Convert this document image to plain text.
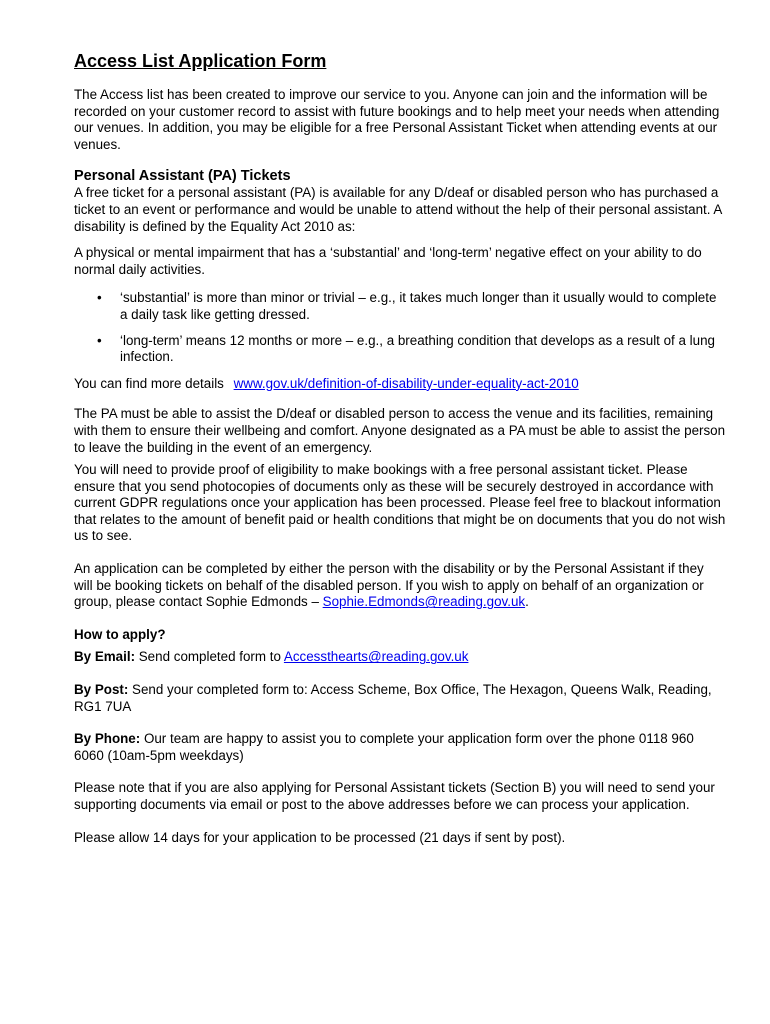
Access List Application Form

The Access list has been created to improve our service to you. Anyone can join and the information will be recorded on your customer record to assist with future bookings and to help meet your needs when attending our venues. In addition, you may be eligible for a free Personal Assistant Ticket when attending events at our venues.

Personal Assistant (PA) Tickets

A free ticket for a personal assistant (PA) is available for any D/deaf or disabled person who has purchased a ticket to an event or performance and would be unable to attend without the help of their personal assistant. A disability is defined by the Equality Act 2010 as:

A physical or mental impairment that has a ‘substantial’ and ‘long-term’ negative effect on your ability to do normal daily activities.

• ‘substantial’ is more than minor or trivial – e.g., it takes much longer than it usually would to complete a daily task like getting dressed.
• ‘long-term’ means 12 months or more – e.g., a breathing condition that develops as a result of a lung infection.

You can find more details www.gov.uk/definition-of-disability-under-equality-act-2010

The PA must be able to assist the D/deaf or disabled person to access the venue and its facilities, remaining with them to ensure their wellbeing and comfort. Anyone designated as a PA must be able to assist the person to leave the building in the event of an emergency.

You will need to provide proof of eligibility to make bookings with a free personal assistant ticket. Please ensure that you send photocopies of documents only as these will be securely destroyed in accordance with current GDPR regulations once your application has been processed. Please feel free to blackout information that relates to the amount of benefit paid or health conditions that might be on documents that you do not wish us to see.

An application can be completed by either the person with the disability or by the Personal Assistant if they will be booking tickets on behalf of the disabled person. If you wish to apply on behalf of an organization or group, please contact Sophie Edmonds – Sophie.Edmonds@reading.gov.uk.

How to apply?

By Email: Send completed form to Accessthearts@reading.gov.uk

By Post: Send your completed form to: Access Scheme, Box Office, The Hexagon, Queens Walk, Reading, RG1 7UA

By Phone: Our team are happy to assist you to complete your application form over the phone 0118 960 6060 (10am-5pm weekdays)

Please note that if you are also applying for Personal Assistant tickets (Section B) you will need to send your supporting documents via email or post to the above addresses before we can process your application.

Please allow 14 days for your application to be processed (21 days if sent by post).
